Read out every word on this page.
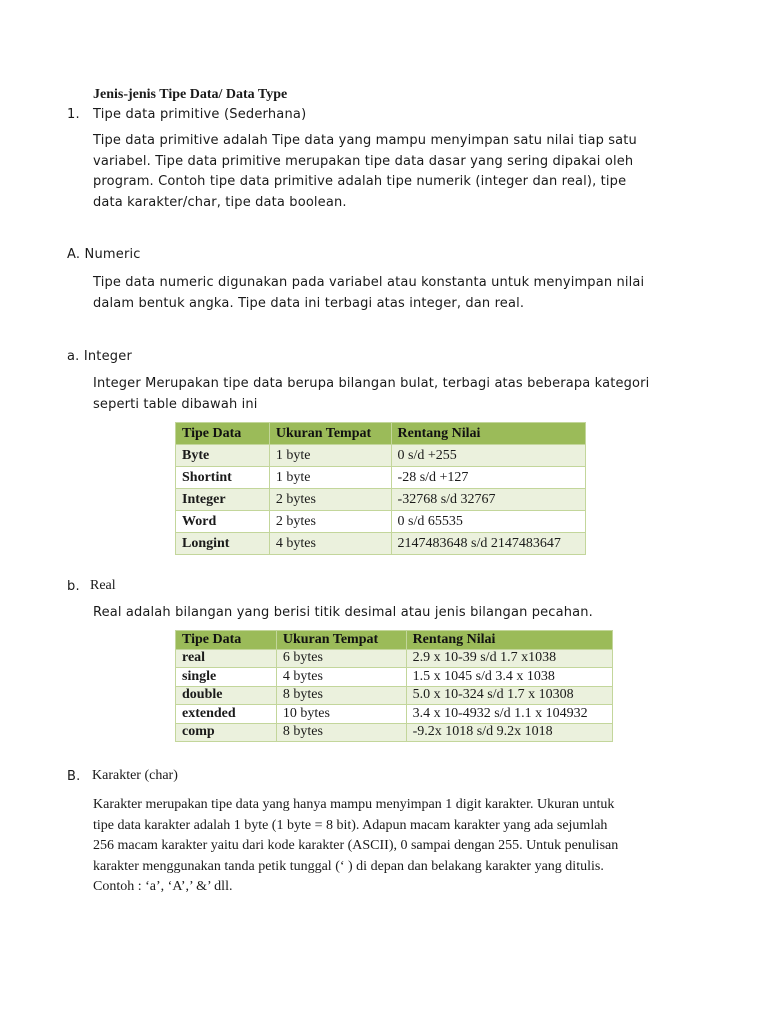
Jenis-jenis Tipe Data/ Data Type
1. Tipe data primitive (Sederhana)
Tipe data primitive adalah Tipe data yang mampu menyimpan satu nilai tiap satu
variabel. Tipe data primitive merupakan tipe data dasar yang sering dipakai oleh
program. Contoh tipe data primitive adalah tipe numerik (integer dan real), tipe
data karakter/char, tipe data boolean.
A. Numeric
Tipe data numeric digunakan pada variabel atau konstanta untuk menyimpan nilai
dalam bentuk angka. Tipe data ini terbagi atas integer, dan real.
a. Integer
Integer Merupakan tipe data berupa bilangan bulat, terbagi atas beberapa kategori
seperti table dibawah ini
Tipe Data	Ukuran Tempat	Rentang Nilai
Byte	1 byte	0 s/d +255
Shortint	1 byte	-28 s/d +127
Integer	2 bytes	-32768 s/d 32767
Word	2 bytes	0 s/d 65535
Longint	4 bytes	2147483648 s/d 2147483647
b. Real
Real adalah bilangan yang berisi titik desimal atau jenis bilangan pecahan.
Tipe Data	Ukuran Tempat	Rentang Nilai
real	6 bytes	2.9 x 10-39 s/d 1.7 x1038
single	4 bytes	1.5 x 1045 s/d 3.4 x 1038
double	8 bytes	5.0 x 10-324 s/d 1.7 x 10308
extended	10 bytes	3.4 x 10-4932 s/d 1.1 x 104932
comp	8 bytes	-9.2x 1018 s/d 9.2x 1018
B. Karakter (char)
Karakter merupakan tipe data yang hanya mampu menyimpan 1 digit karakter. Ukuran untuk
tipe data karakter adalah 1 byte (1 byte = 8 bit). Adapun macam karakter yang ada sejumlah
256 macam karakter yaitu dari kode karakter (ASCII), 0 sampai dengan 255. Untuk penulisan
karakter menggunakan tanda petik tunggal (‘ ) di depan dan belakang karakter yang ditulis.
Contoh : ‘a’, ‘A’,’ &’ dll.
